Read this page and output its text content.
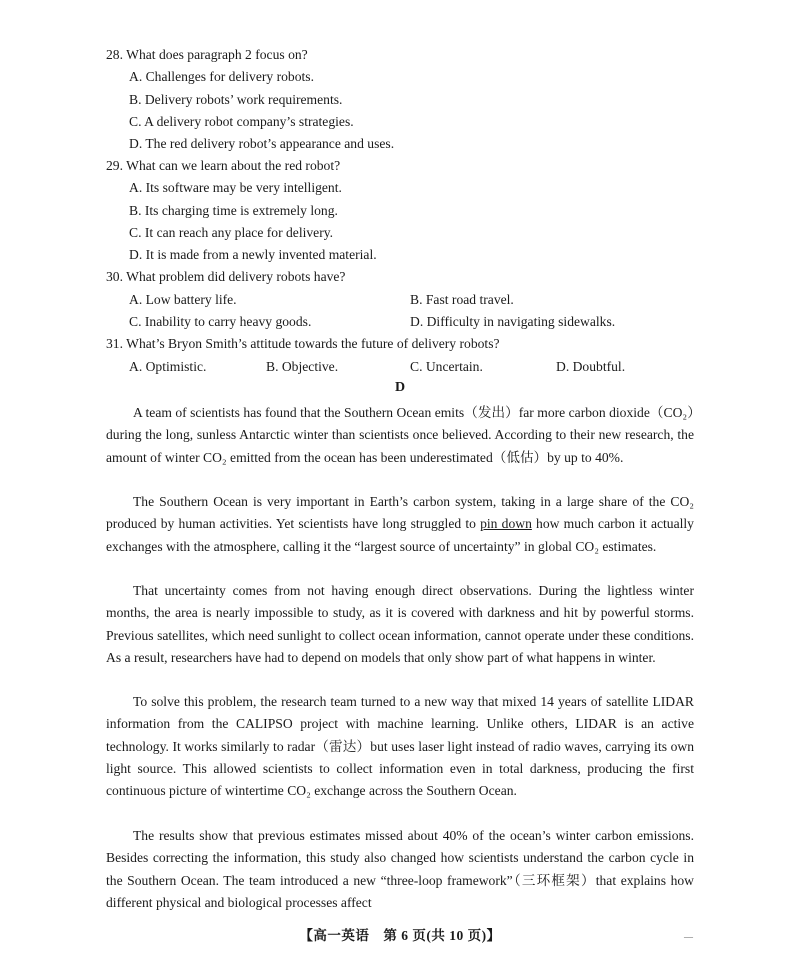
28. What does paragraph 2 focus on?
A. Challenges for delivery robots.
B. Delivery robots’ work requirements.
C. A delivery robot company’s strategies.
D. The red delivery robot’s appearance and uses.
29. What can we learn about the red robot?
A. Its software may be very intelligent.
B. Its charging time is extremely long.
C. It can reach any place for delivery.
D. It is made from a newly invented material.
30. What problem did delivery robots have?
A. Low battery life.	B. Fast road travel.
C. Inability to carry heavy goods.	D. Difficulty in navigating sidewalks.
31. What’s Bryon Smith’s attitude towards the future of delivery robots?
A. Optimistic.	B. Objective.	C. Uncertain.	D. Doubtful.
D
A team of scientists has found that the Southern Ocean emits（发出）far more carbon dioxide（CO₂）during the long, sunless Antarctic winter than scientists once believed. According to their new research, the amount of winter CO₂ emitted from the ocean has been underestimated（低估）by up to 40%.
The Southern Ocean is very important in Earth’s carbon system, taking in a large share of the CO₂ produced by human activities. Yet scientists have long struggled to pin down how much carbon it actually exchanges with the atmosphere, calling it the “largest source of uncertainty” in global CO₂ estimates.
That uncertainty comes from not having enough direct observations. During the lightless winter months, the area is nearly impossible to study, as it is covered with darkness and hit by powerful storms. Previous satellites, which need sunlight to collect ocean information, cannot operate under these conditions. As a result, researchers have had to depend on models that only show part of what happens in winter.
To solve this problem, the research team turned to a new way that mixed 14 years of satellite LIDAR information from the CALIPSO project with machine learning. Unlike others, LIDAR is an active technology. It works similarly to radar（雷达）but uses laser light instead of radio waves, carrying its own light source. This allowed scientists to collect information even in total darkness, producing the first continuous picture of wintertime CO₂ exchange across the Southern Ocean.
The results show that previous estimates missed about 40% of the ocean’s winter carbon emissions. Besides correcting the information, this study also changed how scientists understand the carbon cycle in the Southern Ocean. The team introduced a new “three-loop framework”（三环框架）that explains how different physical and biological processes affect
【高一英语　第 6 页(共 10 页)】	—
